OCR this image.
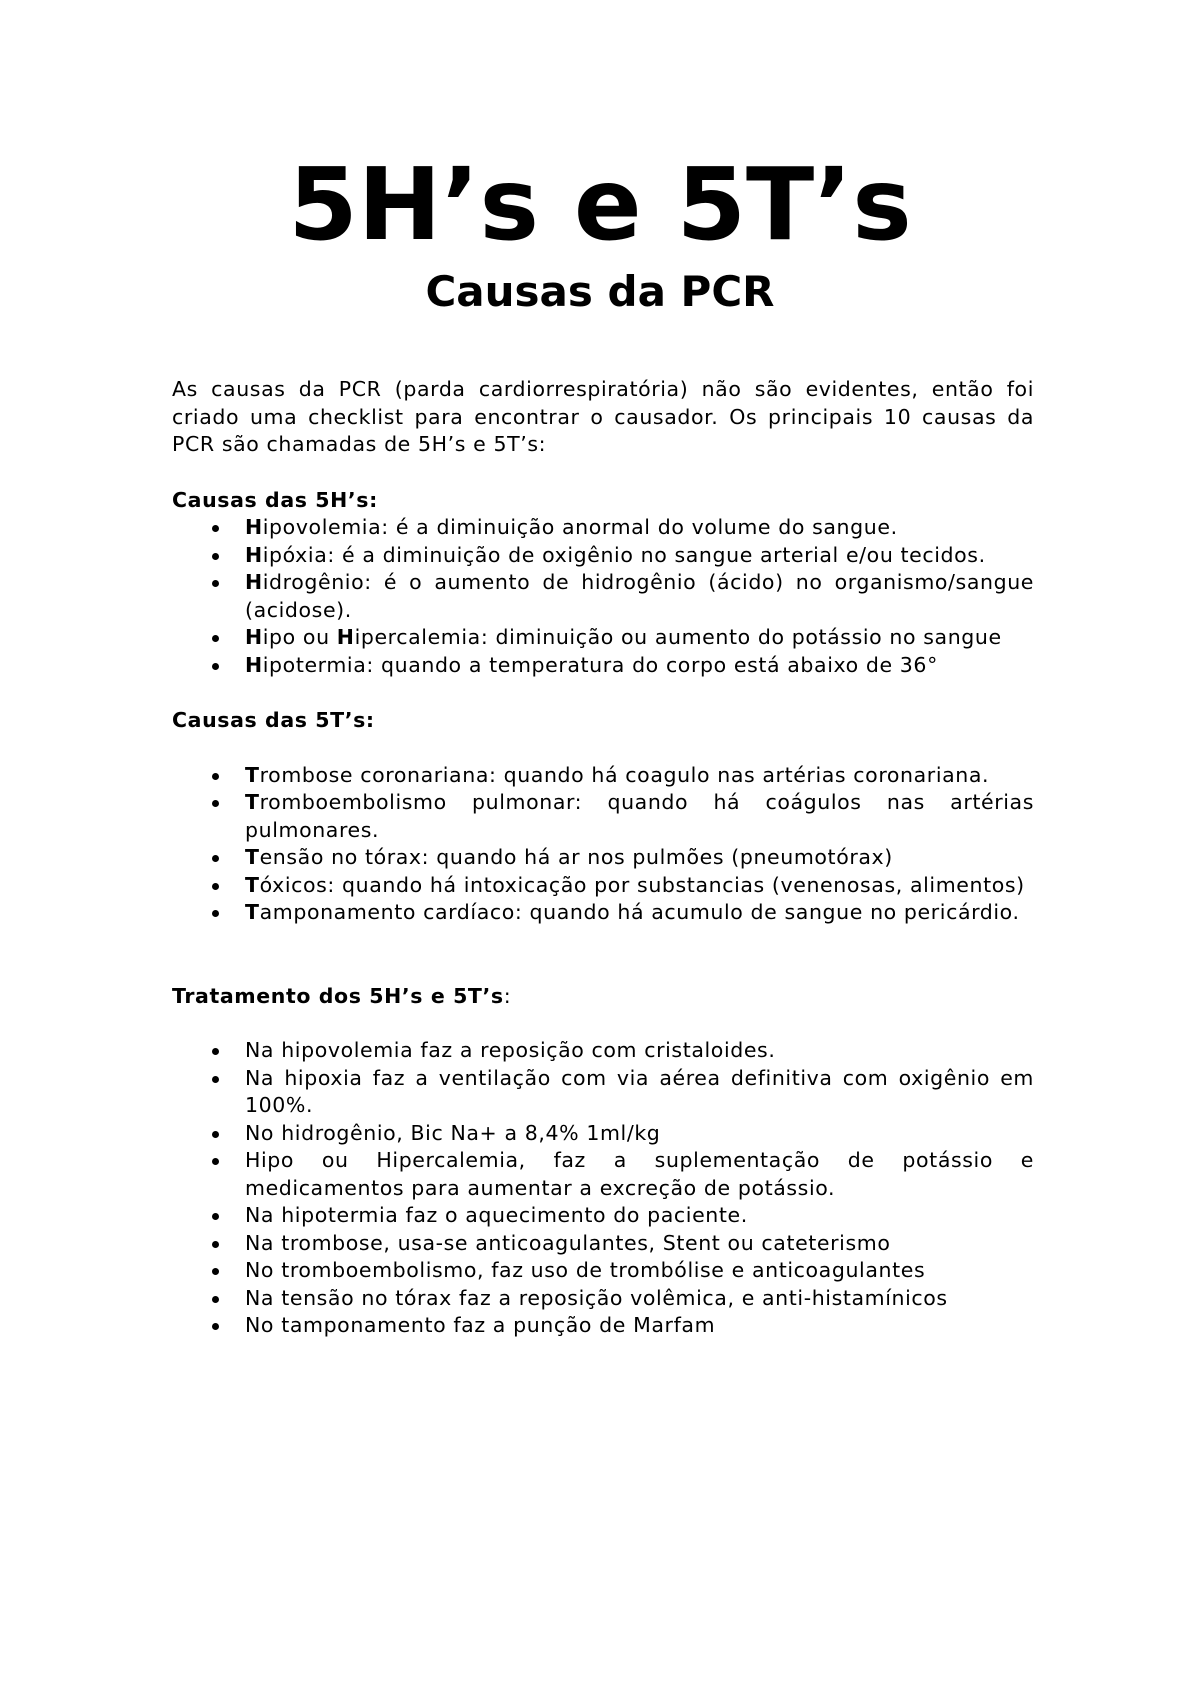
5H’s e 5T’s
Causas da PCR

As causas da PCR (parda cardiorrespiratória) não são evidentes, então foi criado uma checklist para encontrar o causador. Os principais 10 causas da PCR são chamadas de 5H’s e 5T’s:

Causas das 5H’s:

Hipovolemia: é a diminuição anormal do volume do sangue.
Hipóxia: é a diminuição de oxigênio no sangue arterial e/ou tecidos.
Hidrogênio: é o aumento de hidrogênio (ácido) no organismo/sangue (acidose).
Hipo ou Hipercalemia: diminuição ou aumento do potássio no sangue
Hipotermia: quando a temperatura do corpo está abaixo de 36°

Causas das 5T’s:

Trombose coronariana: quando há coagulo nas artérias coronariana.
Tromboembolismo pulmonar: quando há coágulos nas artérias pulmonares.
Tensão no tórax: quando há ar nos pulmões (pneumotórax)
Tóxicos: quando há intoxicação por substancias (venenosas, alimentos)
Tamponamento cardíaco: quando há acumulo de sangue no pericárdio.

Tratamento dos 5H’s e 5T’s:

Na hipovolemia faz a reposição com cristaloides.
Na hipoxia faz a ventilação com via aérea definitiva com oxigênio em 100%.
No hidrogênio, Bic Na+ a 8,4% 1ml/kg
Hipo ou Hipercalemia, faz a suplementação de potássio e medicamentos para aumentar a excreção de potássio.
Na hipotermia faz o aquecimento do paciente.
Na trombose, usa-se anticoagulantes, Stent ou cateterismo
No tromboembolismo, faz uso de trombólise e anticoagulantes
Na tensão no tórax faz a reposição volêmica, e anti-histamínicos
No tamponamento faz a punção de Marfam
